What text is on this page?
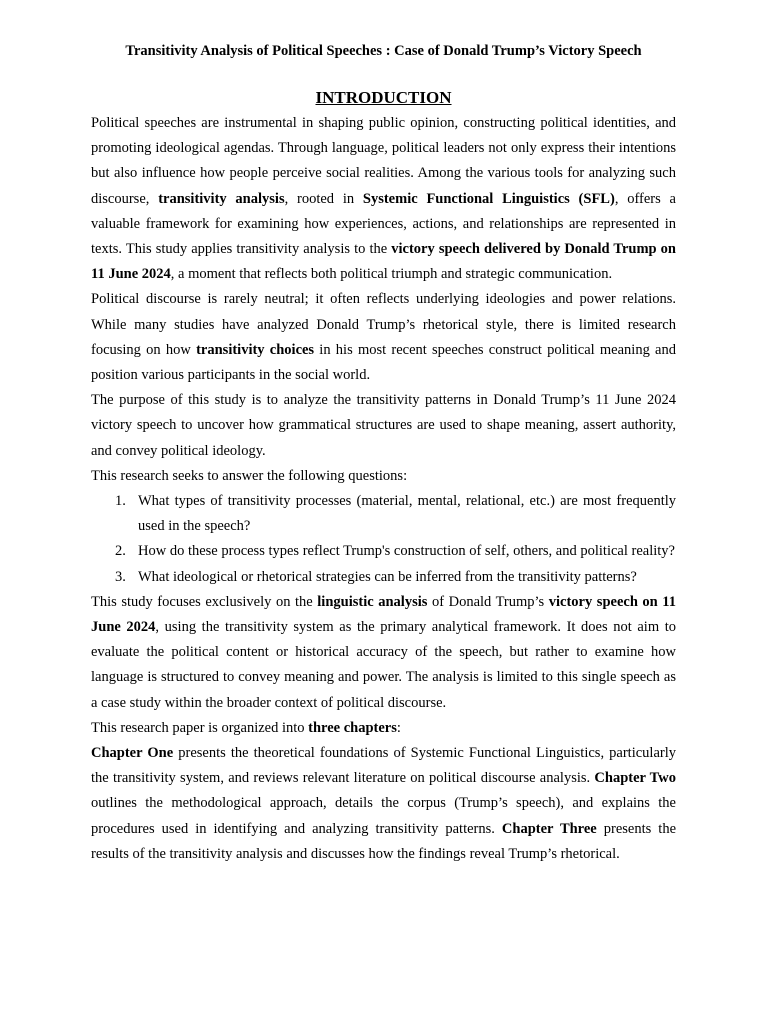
Transitivity Analysis of Political Speeches : Case of Donald Trump’s Victory Speech
INTRODUCTION

Political speeches are instrumental in shaping public opinion, constructing political identities, and promoting ideological agendas. Through language, political leaders not only express their intentions but also influence how people perceive social realities. Among the various tools for analyzing such discourse, transitivity analysis, rooted in Systemic Functional Linguistics (SFL), offers a valuable framework for examining how experiences, actions, and relationships are represented in texts. This study applies transitivity analysis to the victory speech delivered by Donald Trump on 11 June 2024, a moment that reflects both political triumph and strategic communication.

Political discourse is rarely neutral; it often reflects underlying ideologies and power relations. While many studies have analyzed Donald Trump’s rhetorical style, there is limited research focusing on how transitivity choices in his most recent speeches construct political meaning and position various participants in the social world.

The purpose of this study is to analyze the transitivity patterns in Donald Trump’s 11 June 2024 victory speech to uncover how grammatical structures are used to shape meaning, assert authority, and convey political ideology.

This research seeks to answer the following questions:

1. What types of transitivity processes (material, mental, relational, etc.) are most frequently used in the speech?
2. How do these process types reflect Trump's construction of self, others, and political reality?
3. What ideological or rhetorical strategies can be inferred from the transitivity patterns?

This study focuses exclusively on the linguistic analysis of Donald Trump’s victory speech on 11 June 2024, using the transitivity system as the primary analytical framework. It does not aim to evaluate the political content or historical accuracy of the speech, but rather to examine how language is structured to convey meaning and power. The analysis is limited to this single speech as a case study within the broader context of political discourse.

This research paper is organized into three chapters:

Chapter One presents the theoretical foundations of Systemic Functional Linguistics, particularly the transitivity system, and reviews relevant literature on political discourse analysis. Chapter Two outlines the methodological approach, details the corpus (Trump’s speech), and explains the procedures used in identifying and analyzing transitivity patterns. Chapter Three presents the results of the transitivity analysis and discusses how the findings reveal Trump’s rhetorical.
